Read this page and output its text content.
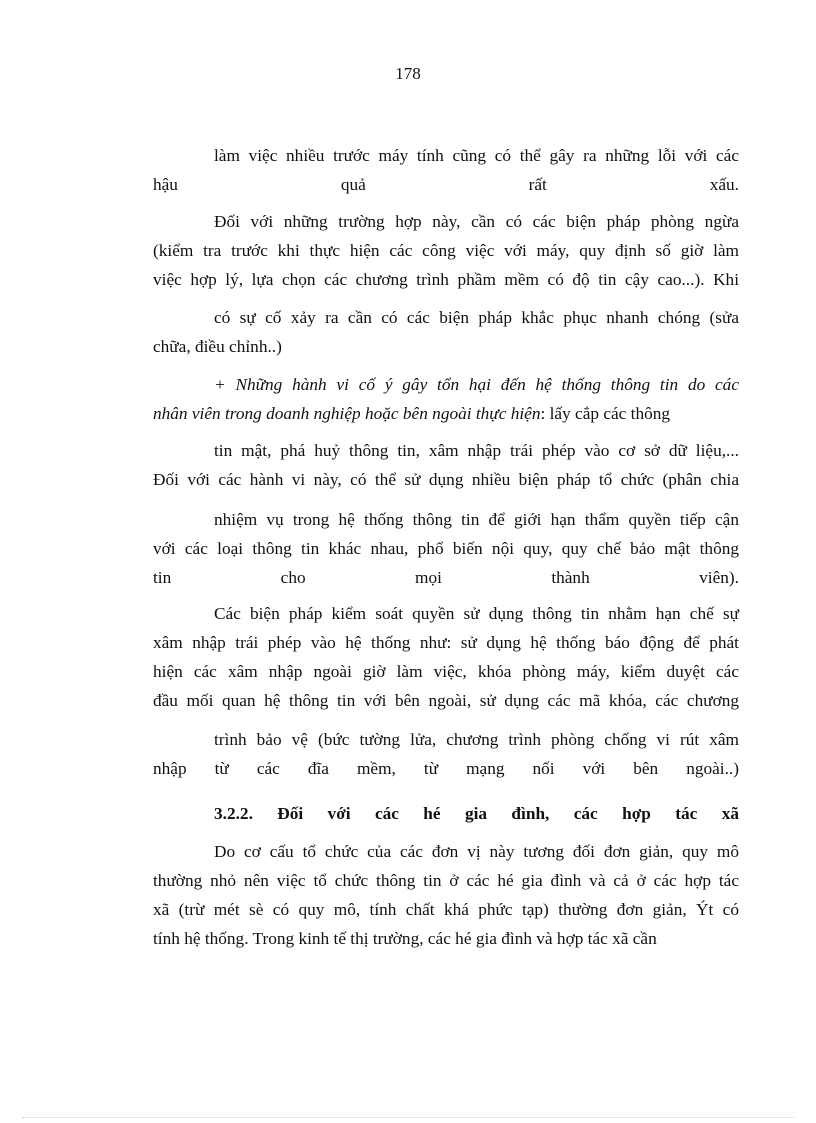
178
làm việc nhiều trước máy tính cũng có thể gây ra những lỗi với các
hậu	quả	rất	xấu.
Đối với những trường hợp này, cần có các biện pháp phòng ngừa
(kiểm tra trước khi thực hiện các công việc với máy, quy định số giờ làm
việc hợp lý, lựa chọn các chương trình phầm mềm có độ tin cậy cao...). Khi
có sự cố xảy ra cần có các biện pháp khắc phục nhanh chóng (sửa
chữa, điều chỉnh..)
+ Những hành vi cố ý gây tổn hại đến hệ thống thông tin do các
nhân viên trong doanh nghiệp hoặc bên ngoài thực hiện: lấy cắp các thông
tin mật, phá huỷ thông tin, xâm nhập trái phép vào cơ sở dữ liệu,...
Đối với các hành vi này, có thể sử dụng nhiều biện pháp tổ chức (phân chia
nhiệm vụ trong hệ thống thông tin để giới hạn thẩm quyền tiếp cận
với các loại thông tin khác nhau, phổ biến nội quy, quy chế bảo mật thông
tin	cho	mọi	thành	viên).
Các biện pháp kiểm soát quyền sử dụng thông tin nhằm hạn chế sự
xâm nhập trái phép vào hệ thống như: sử dụng hệ thống báo động để phát
hiện các xâm nhập ngoài giờ làm việc, khóa phòng máy, kiểm duyệt các
đầu mối quan hệ thông tin với bên ngoài, sử dụng các mã khóa, các chương
trình bảo vệ (bức tường lửa, chương trình phòng chống vi rút xâm
nhập từ các đĩa mềm, từ mạng nối với bên ngoài..)
3.2.2. Đối với các hé gia đình, các hợp tác xã
Do cơ cấu tổ chức của các đơn vị này tương đối đơn giản, quy mô
thường nhỏ nên việc tổ chức thông tin ở các hé gia đình và cả ở các hợp tác
xã (trừ mét sè có quy mô, tính chất khá phức tạp) thường đơn giản, Ýt có
tính hệ thống. Trong kinh tế thị trường, các hé gia đình và hợp tác xã cần
